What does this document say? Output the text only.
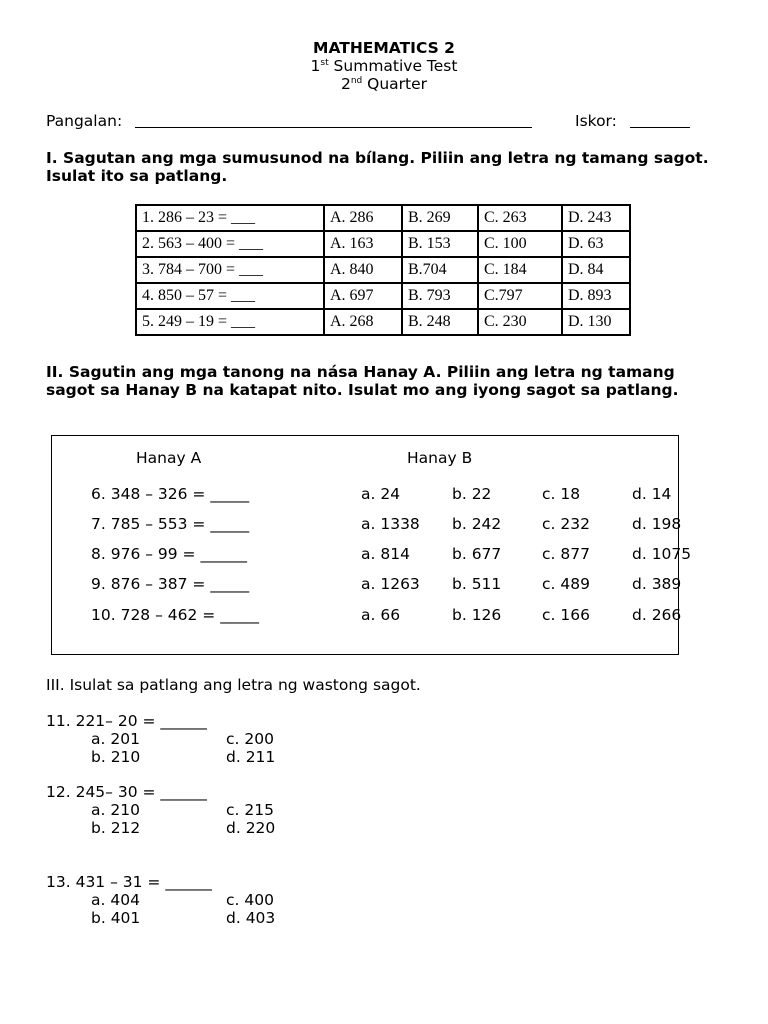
MATHEMATICS 2
1st Summative Test
2nd Quarter
Pangalan:	Iskor:
I. Sagutan ang mga sumusunod na bílang. Piliin ang letra ng tamang sagot. Isulat ito sa patlang.
1. 286 – 23 = ___	A. 286	B. 269	C. 263	D. 243
2. 563 – 400 = ___	A. 163	B. 153	C. 100	D. 63
3. 784 – 700 = ___	A. 840	B.704	C. 184	D. 84
4. 850 – 57 = ___	A. 697	B. 793	C.797	D. 893
5. 249 – 19 = ___	A. 268	B. 248	C. 230	D. 130
II. Sagutin ang mga tanong na nása Hanay A. Piliin ang letra ng tamang sagot sa Hanay B na katapat nito. Isulat mo ang iyong sagot sa patlang.
Hanay A	Hanay B
6. 348 – 326 = _____	a. 24	b. 22	c. 18	d. 14
7. 785 – 553 = _____	a. 1338 b. 242	c. 232	d. 198
8. 976 – 99 = ______	a. 814	b. 677	c. 877	d. 1075
9. 876 – 387 = _____	a. 1263 b. 511	c. 489	d. 389
10. 728 – 462 = _____	a. 66	b. 126	c. 166	d. 266
III. Isulat sa patlang ang letra ng wastong sagot.
11. 221– 20 = ______
a. 201	c. 200
b. 210	d. 211
12. 245– 30 = ______
a. 210	c. 215
b. 212	d. 220
13. 431 – 31 = ______
a. 404	c. 400
b. 401	d. 403
